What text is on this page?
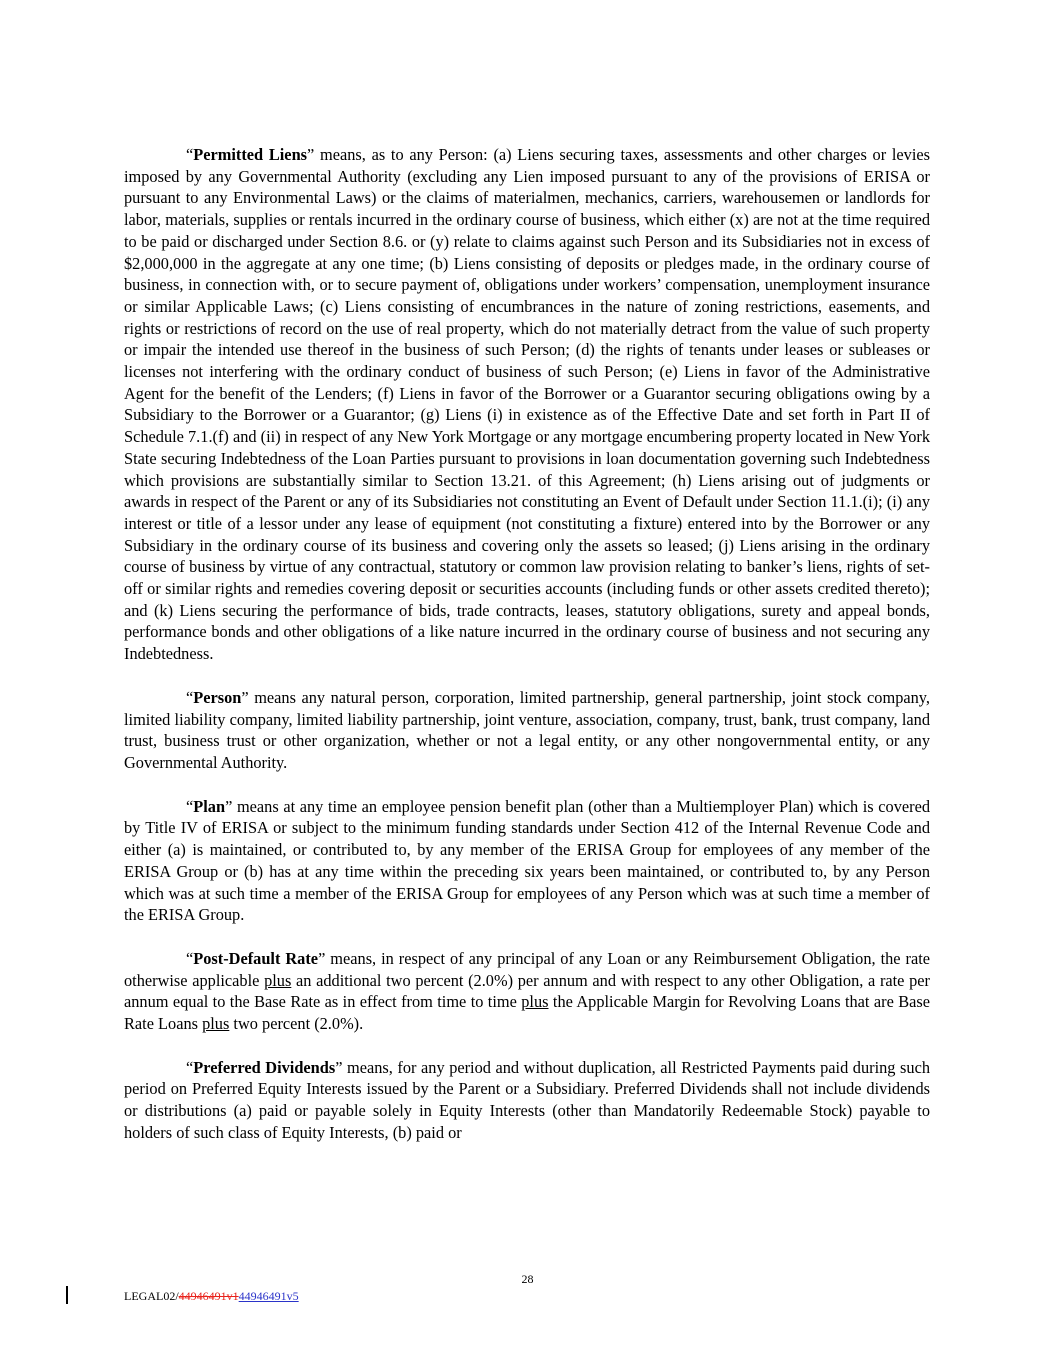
“Permitted Liens” means, as to any Person: (a) Liens securing taxes, assessments and other charges or levies imposed by any Governmental Authority (excluding any Lien imposed pursuant to any of the provisions of ERISA or pursuant to any Environmental Laws) or the claims of materialmen, mechanics, carriers, warehousemen or landlords for labor, materials, supplies or rentals incurred in the ordinary course of business, which either (x) are not at the time required to be paid or discharged under Section 8.6. or (y) relate to claims against such Person and its Subsidiaries not in excess of $2,000,000 in the aggregate at any one time; (b) Liens consisting of deposits or pledges made, in the ordinary course of business, in connection with, or to secure payment of, obligations under workers’ compensation, unemployment insurance or similar Applicable Laws; (c) Liens consisting of encumbrances in the nature of zoning restrictions, easements, and rights or restrictions of record on the use of real property, which do not materially detract from the value of such property or impair the intended use thereof in the business of such Person; (d) the rights of tenants under leases or subleases or licenses not interfering with the ordinary conduct of business of such Person; (e) Liens in favor of the Administrative Agent for the benefit of the Lenders; (f) Liens in favor of the Borrower or a Guarantor securing obligations owing by a Subsidiary to the Borrower or a Guarantor; (g) Liens (i) in existence as of the Effective Date and set forth in Part II of Schedule 7.1.(f) and (ii) in respect of any New York Mortgage or any mortgage encumbering property located in New York State securing Indebtedness of the Loan Parties pursuant to provisions in loan documentation governing such Indebtedness which provisions are substantially similar to Section 13.21. of this Agreement; (h) Liens arising out of judgments or awards in respect of the Parent or any of its Subsidiaries not constituting an Event of Default under Section 11.1.(i); (i) any interest or title of a lessor under any lease of equipment (not constituting a fixture) entered into by the Borrower or any Subsidiary in the ordinary course of its business and covering only the assets so leased; (j) Liens arising in the ordinary course of business by virtue of any contractual, statutory or common law provision relating to banker’s liens, rights of set-off or similar rights and remedies covering deposit or securities accounts (including funds or other assets credited thereto); and (k) Liens securing the performance of bids, trade contracts, leases, statutory obligations, surety and appeal bonds, performance bonds and other obligations of a like nature incurred in the ordinary course of business and not securing any Indebtedness.

“Person” means any natural person, corporation, limited partnership, general partnership, joint stock company, limited liability company, limited liability partnership, joint venture, association, company, trust, bank, trust company, land trust, business trust or other organization, whether or not a legal entity, or any other nongovernmental entity, or any Governmental Authority.

“Plan” means at any time an employee pension benefit plan (other than a Multiemployer Plan) which is covered by Title IV of ERISA or subject to the minimum funding standards under Section 412 of the Internal Revenue Code and either (a) is maintained, or contributed to, by any member of the ERISA Group for employees of any member of the ERISA Group or (b) has at any time within the preceding six years been maintained, or contributed to, by any Person which was at such time a member of the ERISA Group for employees of any Person which was at such time a member of the ERISA Group.

“Post-Default Rate” means, in respect of any principal of any Loan or any Reimbursement Obligation, the rate otherwise applicable plus an additional two percent (2.0%) per annum and with respect to any other Obligation, a rate per annum equal to the Base Rate as in effect from time to time plus the Applicable Margin for Revolving Loans that are Base Rate Loans plus two percent (2.0%).

“Preferred Dividends” means, for any period and without duplication, all Restricted Payments paid during such period on Preferred Equity Interests issued by the Parent or a Subsidiary. Preferred Dividends shall not include dividends or distributions (a) paid or payable solely in Equity Interests (other than Mandatorily Redeemable Stock) payable to holders of such class of Equity Interests, (b) paid or

28
LEGAL02/44946491v144946491v5
